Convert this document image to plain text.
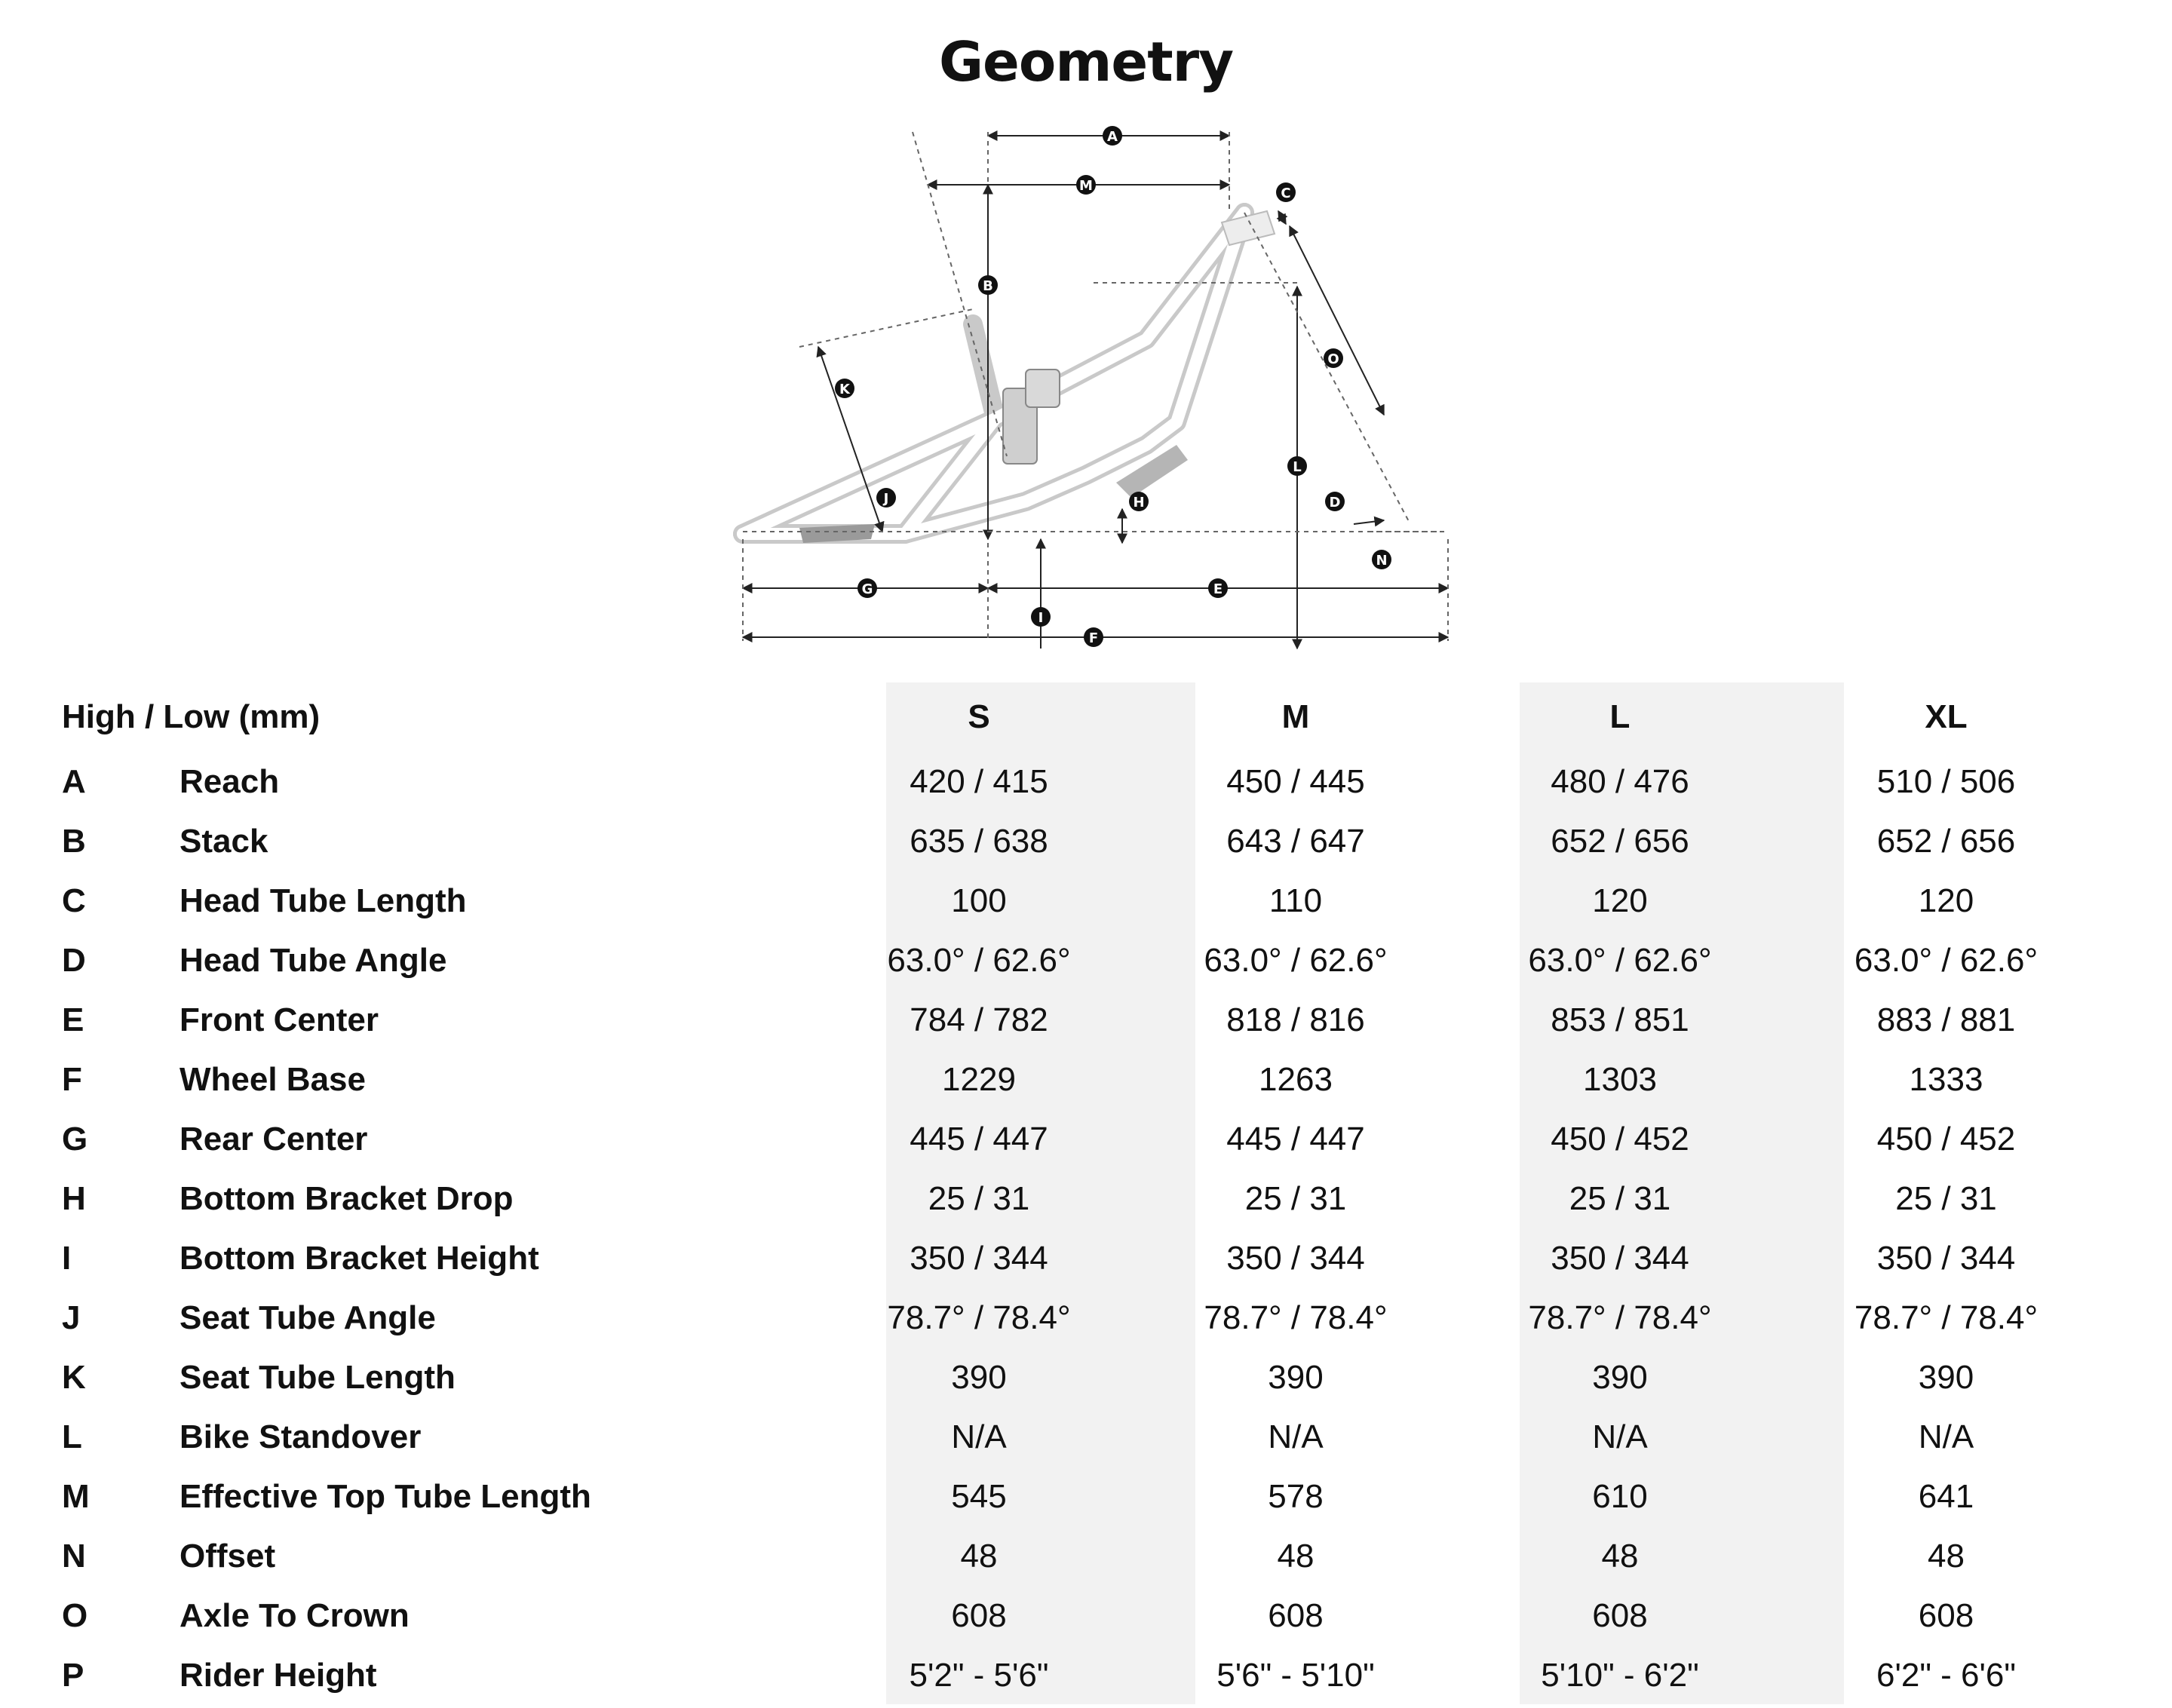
Geometry
A
M	C
B
K
O
L
J	H	D
N
G	E
I
F
High / Low (mm)		S	M	L	XL	
A	Reach	420 / 415	450 / 445	480 / 476	510 / 506	
B	Stack	635 / 638	643 / 647	652 / 656	652 / 656	
C	Head Tube Length	100	110	120	120	
D	Head Tube Angle	63.0° / 62.6°	63.0° / 62.6°	63.0° / 62.6°	63.0° / 62.6°	
E	Front Center	784 / 782	818 / 816	853 / 851	883 / 881	
F	Wheel Base	1229	1263	1303	1333	
G	Rear Center	445 / 447	445 / 447	450 / 452	450 / 452	
H	Bottom Bracket Drop	25 / 31	25 / 31	25 / 31	25 / 31	
I	Bottom Bracket Height	350 / 344	350 / 344	350 / 344	350 / 344	
J	Seat Tube Angle	78.7° / 78.4°	78.7° / 78.4°	78.7° / 78.4°	78.7° / 78.4°	
K	Seat Tube Length	390	390	390	390	
L	Bike Standover	N/A	N/A	N/A	N/A	
M	Effective Top Tube Length	545	578	610	641	
N	Offset	48	48	48	48	
O	Axle To Crown	608	608	608	608	
P	Rider Height	5'2" - 5'6"	5'6" - 5'10"	5'10" - 6'2"	6'2" - 6'6"	
